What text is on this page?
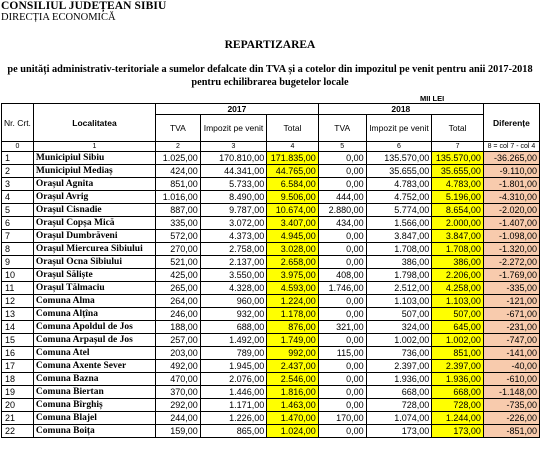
CONSILIUL JUDEȚEAN SIBIU
DIRECȚIA ECONOMICĂ
REPARTIZAREA
pe unități administrativ-teritoriale a sumelor defalcate din TVA și a cotelor din impozitul pe venit pentru anii 2017-2018
pentru echilibrarea bugetelor locale
MII LEI
Nr. Crt.	Localitatea	2017			2018			Diferențe
		TVA	Impozit pe venit	Total	TVA	Impozit pe venit	Total	
0	1	2	3	4	5	6	7	8 = col 7 - col 4
1	Municipiul Sibiu	1.025,00	170.810,00	171.835,00	0,00	135.570,00	135.570,00	-36.265,00
2	Municipiul Mediaș	424,00	44.341,00	44.765,00	0,00	35.655,00	35.655,00	-9.110,00
3	Orașul Agnita	851,00	5.733,00	6.584,00	0,00	4.783,00	4.783,00	-1.801,00
4	Orașul Avrig	1.016,00	8.490,00	9.506,00	444,00	4.752,00	5.196,00	-4.310,00
5	Orașul Cisnadie	887,00	9.787,00	10.674,00	2.880,00	5.774,00	8.654,00	-2.020,00
6	Orașul Copșa Mică	335,00	3.072,00	3.407,00	434,00	1.566,00	2.000,00	-1.407,00
7	Orașul Dumbrăveni	572,00	4.373,00	4.945,00	0,00	3.847,00	3.847,00	-1.098,00
8	Orașul Miercurea Sibiului	270,00	2.758,00	3.028,00	0,00	1.708,00	1.708,00	-1.320,00
9	Orașul Ocna Sibiului	521,00	2.137,00	2.658,00	0,00	386,00	386,00	-2.272,00
10	Orașul Săliște	425,00	3.550,00	3.975,00	408,00	1.798,00	2.206,00	-1.769,00
11	Orașul Tălmaciu	265,00	4.328,00	4.593,00	1.746,00	2.512,00	4.258,00	-335,00
12	Comuna Alma	264,00	960,00	1.224,00	0,00	1.103,00	1.103,00	-121,00
13	Comuna Alțîna	246,00	932,00	1.178,00	0,00	507,00	507,00	-671,00
14	Comuna Apoldul de Jos	188,00	688,00	876,00	321,00	324,00	645,00	-231,00
15	Comuna Arpașul de Jos	257,00	1.492,00	1.749,00	0,00	1.002,00	1.002,00	-747,00
16	Comuna Atel	203,00	789,00	992,00	115,00	736,00	851,00	-141,00
17	Comuna Axente Sever	492,00	1.945,00	2.437,00	0,00	2.397,00	2.397,00	-40,00
18	Comuna Bazna	470,00	2.076,00	2.546,00	0,00	1.936,00	1.936,00	-610,00
19	Comuna Biertan	370,00	1.446,00	1.816,00	0,00	668,00	668,00	-1.148,00
20	Comuna Bîrghiș	292,00	1.171,00	1.463,00	0,00	728,00	728,00	-735,00
21	Comuna Blajel	244,00	1.226,00	1.470,00	170,00	1.074,00	1.244,00	-226,00
22	Comuna Boița	159,00	865,00	1.024,00	0,00	173,00	173,00	-851,00
